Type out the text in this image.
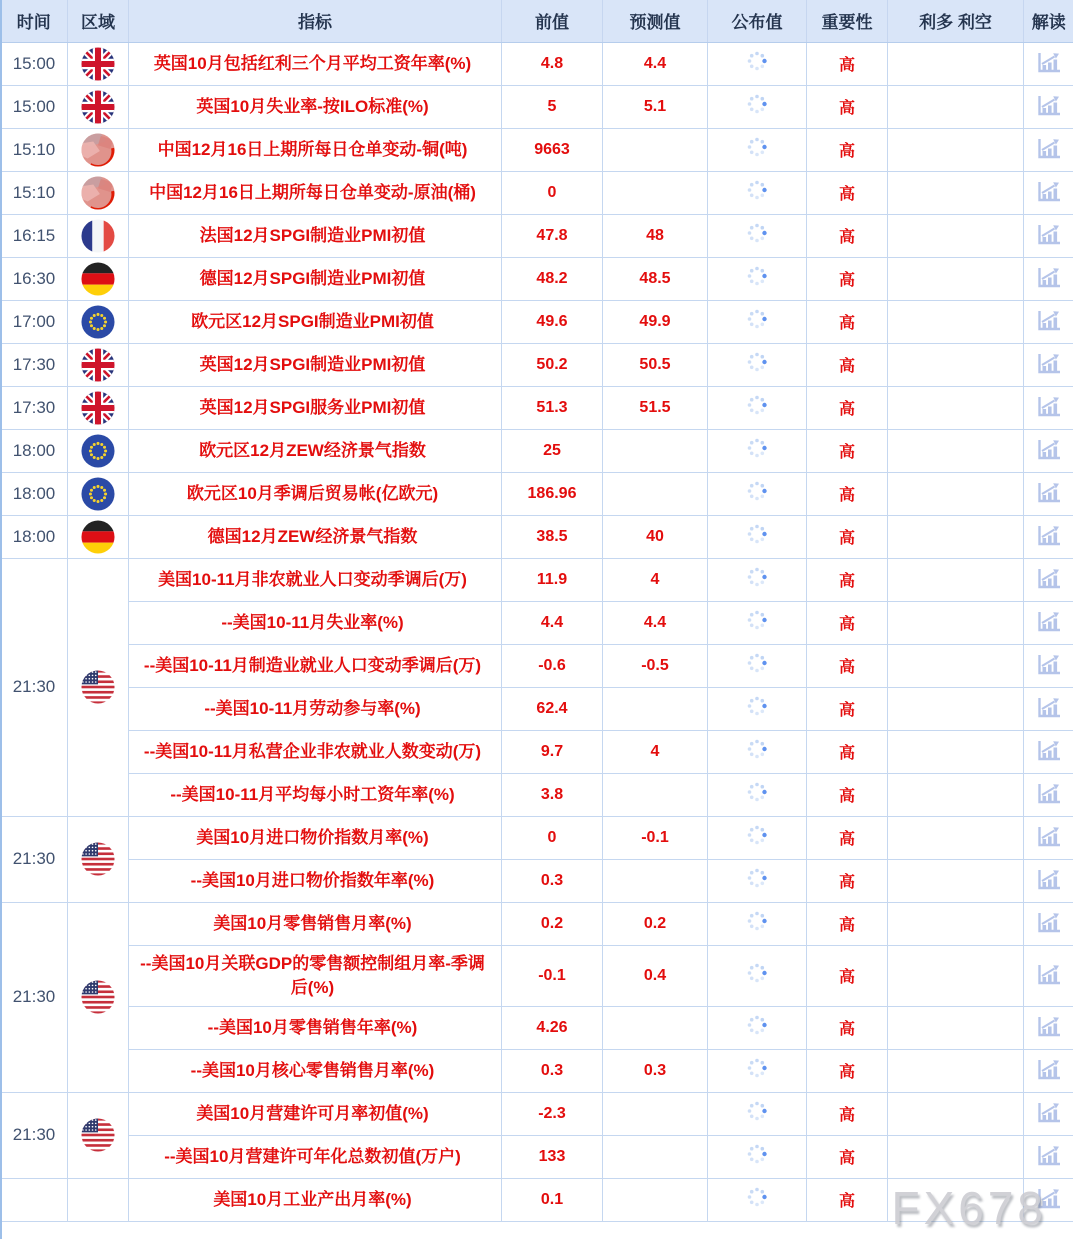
时间	区域	指标	前值	预测值	公布值	重要性	利多 利空	解读
15:00		英国10月包括红利三个月平均工资年率(%)	4.8	4.4		高		
15:00		英国10月失业率-按ILO标准(%)	5	5.1		高		
15:10		中国12月16日上期所每日仓单变动-铜(吨)	9663			高		
15:10		中国12月16日上期所每日仓单变动-原油(桶)	0			高		
16:15		法国12月SPGI制造业PMI初值	47.8	48		高		
16:30		德国12月SPGI制造业PMI初值	48.2	48.5		高		
17:00		欧元区12月SPGI制造业PMI初值	49.6	49.9		高		
17:30		英国12月SPGI制造业PMI初值	50.2	50.5		高		
17:30		英国12月SPGI服务业PMI初值	51.3	51.5		高		
18:00		欧元区12月ZEW经济景气指数	25			高		
18:00		欧元区10月季调后贸易帐(亿欧元)	186.96			高		
18:00		德国12月ZEW经济景气指数	38.5	40		高		
21:30		美国10-11月非农就业人口变动季调后(万)	11.9	4		高		
		--美国10-11月失业率(%)	4.4	4.4		高		
		--美国10-11月制造业就业人口变动季调后(万)	-0.6	-0.5		高		
		--美国10-11月劳动参与率(%)	62.4			高		
		--美国10-11月私营企业非农就业人数变动(万)	9.7	4		高		
		--美国10-11月平均每小时工资年率(%)	3.8			高		
21:30		美国10月进口物价指数月率(%)	0	-0.1		高		
		--美国10月进口物价指数年率(%)	0.3			高		
21:30		美国10月零售销售月率(%)	0.2	0.2		高		
		--美国10月关联GDP的零售额控制组月率-季调后(%)	-0.1	0.4		高		
		--美国10月零售销售年率(%)	4.26			高		
		--美国10月核心零售销售月率(%)	0.3	0.3		高		
21:30		美国10月营建许可月率初值(%)	-2.3			高		
		--美国10月营建许可年化总数初值(万户)	133			高		
		美国10月工业产出月率(%)	0.1			高		FX678
